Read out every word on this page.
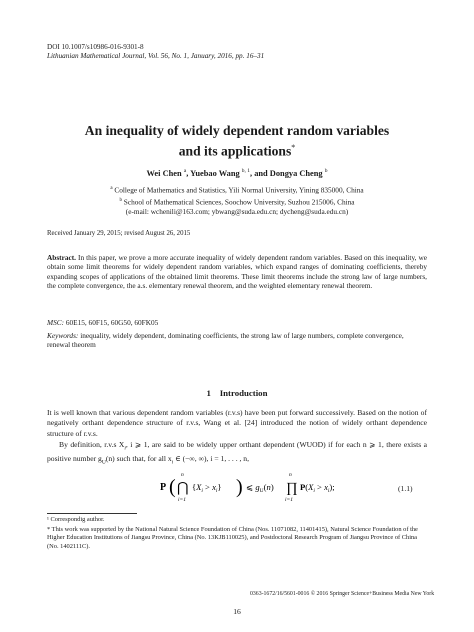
DOI 10.1007/s10986-016-9301-8
Lithuanian Mathematical Journal, Vol. 56, No. 1, January, 2016, pp. 16–31
An inequality of widely dependent random variables
and its applications*
Wei Chen $^a$, Yuebao Wang $^{b, 1}$, and Dongya Cheng $^b$
$^a$ College of Mathematics and Statistics, Yili Normal University, Yining 835000, China
$^b$ School of Mathematical Sciences, Soochow University, Suzhou 215006, China
(e-mail: wchenili@163.com; ybwang@suda.edu.cn; dycheng@suda.edu.cn)
Received January 29, 2015; revised August 26, 2015
Abstract. In this paper, we prove a more accurate inequality of widely dependent random variables. Based on this inequality, we obtain some limit theorems for widely dependent random variables, which expand ranges of dominating coefficients, thereby expanding scopes of applications of the obtained limit theorems. These limit theorems include the strong law of large numbers, the complete convergence, the a.s. elementary renewal theorem, and the weighted elementary renewal theorem.
MSC: 60E15, 60F15, 60G50, 60FK05
Keywords: inequality, widely dependent, dominating coefficients, the strong law of large numbers, complete convergence, renewal theorem
1 Introduction
It is well known that various dependent random variables (r.v.s) have been put forward successively. Based on the notion of negatively orthant dependence structure of r.v.s, Wang et al. [24] introduced the notion of widely orthant dependence structure of r.v.s.
By definition, r.v.s $X_i$, i ⩾ 1, are said to be widely upper orthant dependent (WUOD) if for each n ⩾ 1, there exists a positive number $g_U(n)$ such that, for all $x_i$ ∈ (−∞, ∞), i = 1, . . . , n,
P ( ⋂
n
i=1
$\{X_i > x_i\}$ ) ⩽ $g_U(n)$ ∏
n
i=1
$P(X_i > x_i)$;	(1.1)
¹ Correspondig author.
* This work was supported by the National Natural Science Foundation of China (Nos. 11071082, 11401415), Natural Science Foundation of the Higher Education Institutions of Jiangsu Province, China (No. 13KJB110025), and Postdoctoral Research Program of Jiangsu Province of China (No. 1402111C).
0363-1672/16/5601-0016 © 2016 Springer Science+Business Media New York
16
